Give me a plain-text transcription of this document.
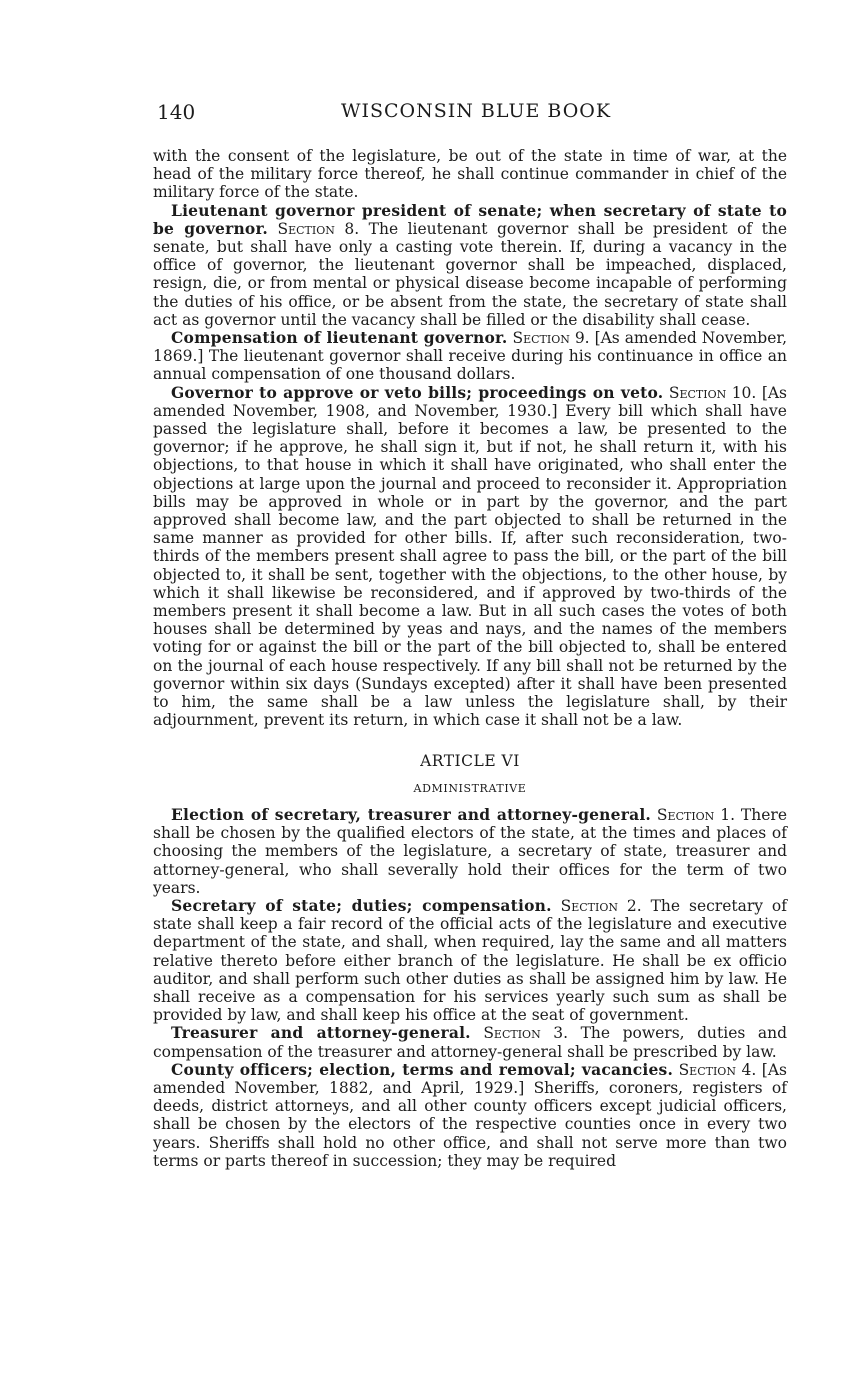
140	WISCONSIN BLUE BOOK

with the consent of the legislature, be out of the state in time of war, at the head of the military force thereof, he shall continue commander in chief of the military force of the state.

Lieutenant governor president of senate; when secretary of state to be governor. Section 8. The lieutenant governor shall be president of the senate, but shall have only a casting vote therein. If, during a vacancy in the office of governor, the lieutenant governor shall be impeached, displaced, resign, die, or from mental or physical disease become incapable of performing the duties of his office, or be absent from the state, the secretary of state shall act as governor until the vacancy shall be filled or the disability shall cease.

Compensation of lieutenant governor. Section 9. [As amended November, 1869.] The lieutenant governor shall receive during his continuance in office an annual compensation of one thousand dollars.

Governor to approve or veto bills; proceedings on veto. Section 10. [As amended November, 1908, and November, 1930.] Every bill which shall have passed the legislature shall, before it becomes a law, be presented to the governor; if he approve, he shall sign it, but if not, he shall return it, with his objections, to that house in which it shall have originated, who shall enter the objections at large upon the journal and proceed to reconsider it. Appropriation bills may be approved in whole or in part by the governor, and the part approved shall become law, and the part objected to shall be returned in the same manner as provided for other bills. If, after such reconsideration, two-thirds of the members present shall agree to pass the bill, or the part of the bill objected to, it shall be sent, together with the objections, to the other house, by which it shall likewise be reconsidered, and if approved by two-thirds of the members present it shall become a law. But in all such cases the votes of both houses shall be determined by yeas and nays, and the names of the members voting for or against the bill or the part of the bill objected to, shall be entered on the journal of each house respectively. If any bill shall not be returned by the governor within six days (Sundays excepted) after it shall have been presented to him, the same shall be a law unless the legislature shall, by their adjournment, prevent its return, in which case it shall not be a law.

ARTICLE VI
ADMINISTRATIVE

Election of secretary, treasurer and attorney-general. Section 1. There shall be chosen by the qualified electors of the state, at the times and places of choosing the members of the legislature, a secretary of state, treasurer and attorney-general, who shall severally hold their offices for the term of two years.

Secretary of state; duties; compensation. Section 2. The secretary of state shall keep a fair record of the official acts of the legislature and executive department of the state, and shall, when required, lay the same and all matters relative thereto before either branch of the legislature. He shall be ex officio auditor, and shall perform such other duties as shall be assigned him by law. He shall receive as a compensation for his services yearly such sum as shall be provided by law, and shall keep his office at the seat of government.

Treasurer and attorney-general. Section 3. The powers, duties and compensation of the treasurer and attorney-general shall be prescribed by law.

County officers; election, terms and removal; vacancies. Section 4. [As amended November, 1882, and April, 1929.] Sheriffs, coroners, registers of deeds, district attorneys, and all other county officers except judicial officers, shall be chosen by the electors of the respective counties once in every two years. Sheriffs shall hold no other office, and shall not serve more than two terms or parts thereof in succession; they may be required
